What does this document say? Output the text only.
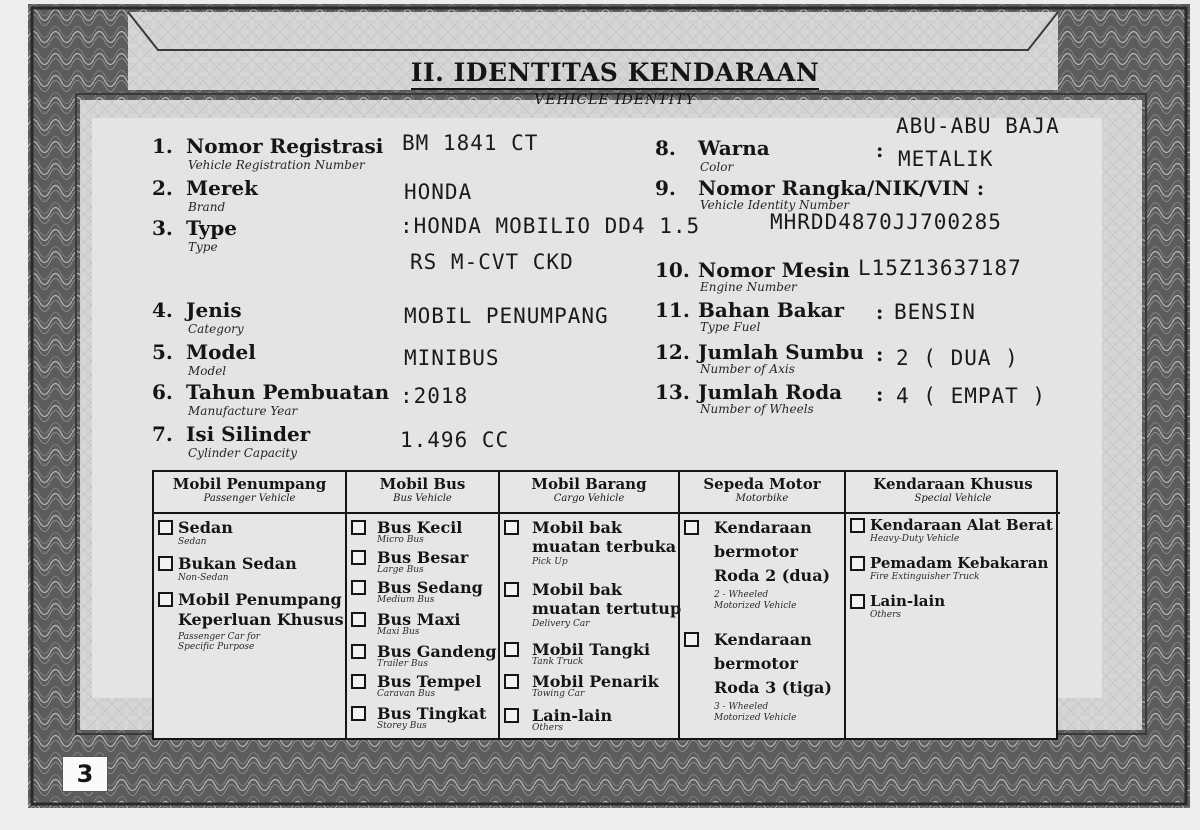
II. IDENTITAS KENDARAAN
VEHICLE IDENTITY
1. Nomor Registrasi
Vehicle Registration Number
BM 1841 CT
2. Merek
Brand
HONDA
3. Type
Type
:HONDA MOBILIO DD4 1.5
RS M-CVT CKD
4. Jenis
Category
MOBIL PENUMPANG
5. Model
Model
MINIBUS
6. Tahun Pembuatan
Manufacture Year
:2018
7. Isi Silinder
Cylinder Capacity
1.496 CC
8. Warna
Color
:
ABU-ABU BAJA
METALIK
9. Nomor Rangka/NIK/VIN :
Vehicle Identity Number
MHRDD4870JJ700285
10. Nomor Mesin
Engine Number
L15Z13637187
11. Bahan Bakar
Type Fuel
: BENSIN
12. Jumlah Sumbu
Number of Axis
: 2 ( DUA )
13. Jumlah Roda
Number of Wheels
: 4 ( EMPAT )
Mobil Penumpang
Passenger Vehicle
Sedan
Sedan
Bukan Sedan
Non-Sedan
Mobil Penumpang
Keperluan Khusus
Passenger Car for
Specific Purpose
Mobil Bus
Bus Vehicle
Bus Kecil
Micro Bus
Bus Besar
Large Bus
Bus Sedang
Medium Bus
Bus Maxi
Maxi Bus
Bus Gandeng
Trailer Bus
Bus Tempel
Caravan Bus
Bus Tingkat
Storey Bus
Mobil Barang
Cargo Vehicle
Mobil bak
muatan terbuka
Pick Up
Mobil bak
muatan tertutup
Delivery Car
Mobil Tangki
Tank Truck
Mobil Penarik
Towing Car
Lain-lain
Others
Sepeda Motor
Motorbike
Kendaraan
bermotor
Roda 2 (dua)
2 - Wheeled
Motorized Vehicle
Kendaraan
bermotor
Roda 3 (tiga)
3 - Wheeled
Motorized Vehicle
Kendaraan Khusus
Special Vehicle
Kendaraan Alat Berat
Heavy-Duty Vehicle
Pemadam Kebakaran
Fire Extinguisher Truck
Lain-lain
Others
3
